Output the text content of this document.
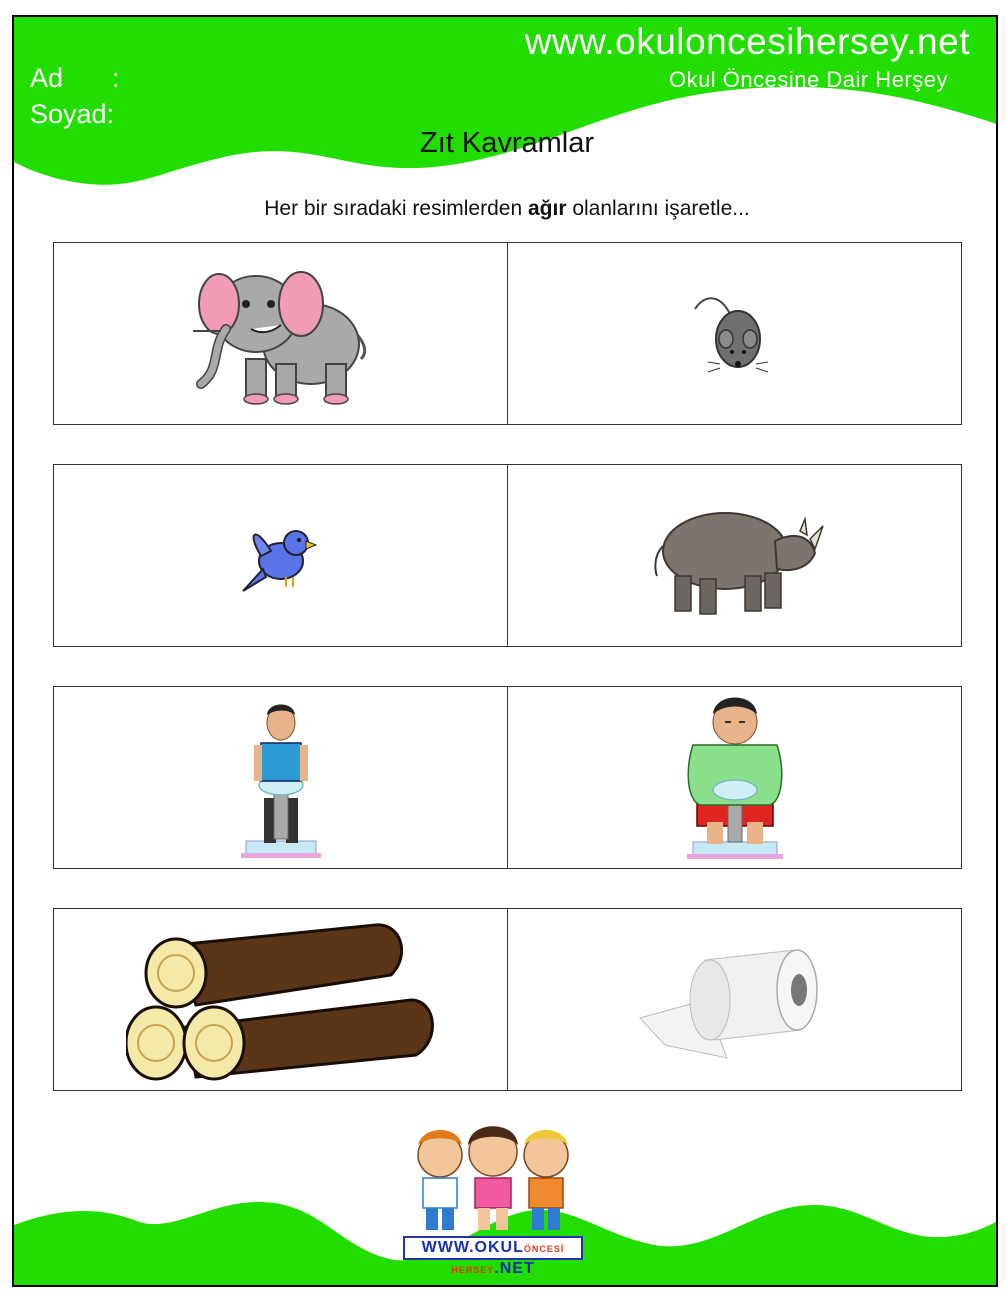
www.okuloncesihersey.net
Okul Öncesine Dair Herşey
Ad :
Soyad:
Zıt Kavramlar
Her bir sıradaki resimlerden ağır olanlarını işaretle...
WWW.OKULÖNCESİ HERSEY.NET
